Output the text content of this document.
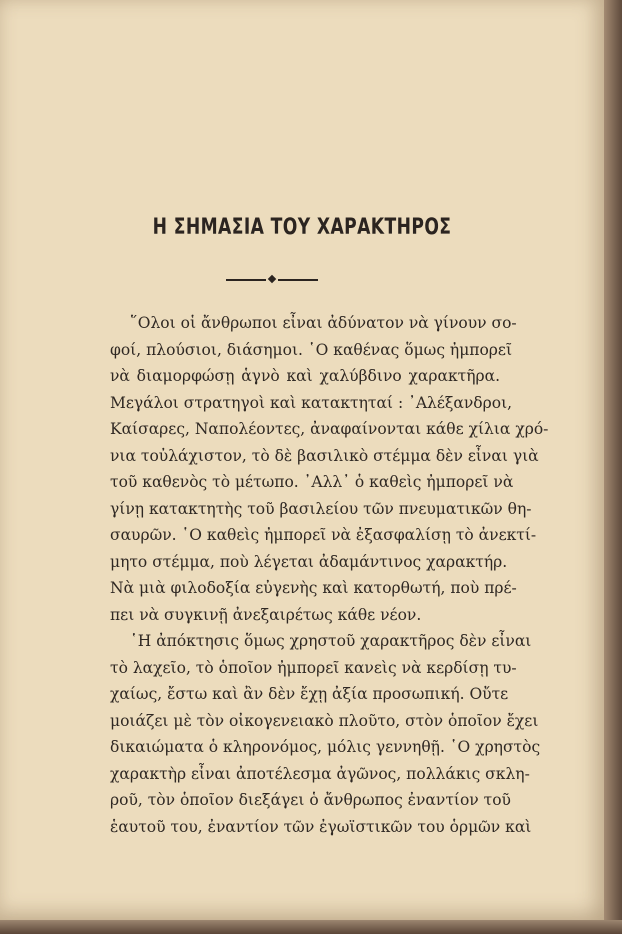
Η ΣΗΜΑΣΙΑ ΤΟΥ ΧΑΡΑΚΤΗΡΟΣ
῞Ολοι οἱ ἄνθρωποι εἶναι ἀδύνατον νὰ γίνουν σο-
φοί, πλούσιοι, διάσημοι. ῾Ο καθένας ὅμως ἠμπορεῖ
νὰ διαμορφώσῃ ἁγνὸ καὶ χαλύβδινο χαρακτῆρα.
Μεγάλοι στρατηγοὶ καὶ κατακτηταί : ᾽Αλέξανδροι,
Καίσαρες, Ναπολέοντες, ἀναφαίνονται κάθε χίλια χρό-
νια τοὐλάχιστον, τὸ δὲ βασιλικὸ στέμμα δὲν εἶναι γιὰ
τοῦ καθενὸς τὸ μέτωπο. ᾽Αλλ᾽ ὁ καθεὶς ἠμπορεῖ νὰ
γίνῃ κατακτητὴς τοῦ βασιλείου τῶν πνευματικῶν θη-
σαυρῶν. ῾Ο καθεὶς ἠμπορεῖ νὰ ἐξασφαλίσῃ τὸ ἀνεκτί-
μητο στέμμα, ποὺ λέγεται ἀδαμάντινος χαρακτήρ.
Νὰ μιὰ φιλοδοξία εὐγενὴς καὶ κατορθωτή, ποὺ πρέ-
πει νὰ συγκινῇ ἀνεξαιρέτως κάθε νέον.
῾Η ἀπόκτησις ὅμως χρηστοῦ χαρακτῆρος δὲν εἶναι
τὸ λαχεῖο, τὸ ὁποῖον ἠμπορεῖ κανεὶς νὰ κερδίσῃ τυ-
χαίως, ἔστω καὶ ἂν δὲν ἔχῃ ἀξία προσωπική. Οὔτε
μοιάζει μὲ τὸν οἰκογενειακὸ πλοῦτο, στὸν ὁποῖον ἔχει
δικαιώματα ὁ κληρονόμος, μόλις γεννηθῇ. ῾Ο χρηστὸς
χαρακτὴρ εἶναι ἀποτέλεσμα ἀγῶνος, πολλάκις σκλη-
ροῦ, τὸν ὁποῖον διεξάγει ὁ ἄνθρωπος ἐναντίον τοῦ
ἑαυτοῦ του, ἐναντίον τῶν ἐγωϊστικῶν του ὁρμῶν καὶ
